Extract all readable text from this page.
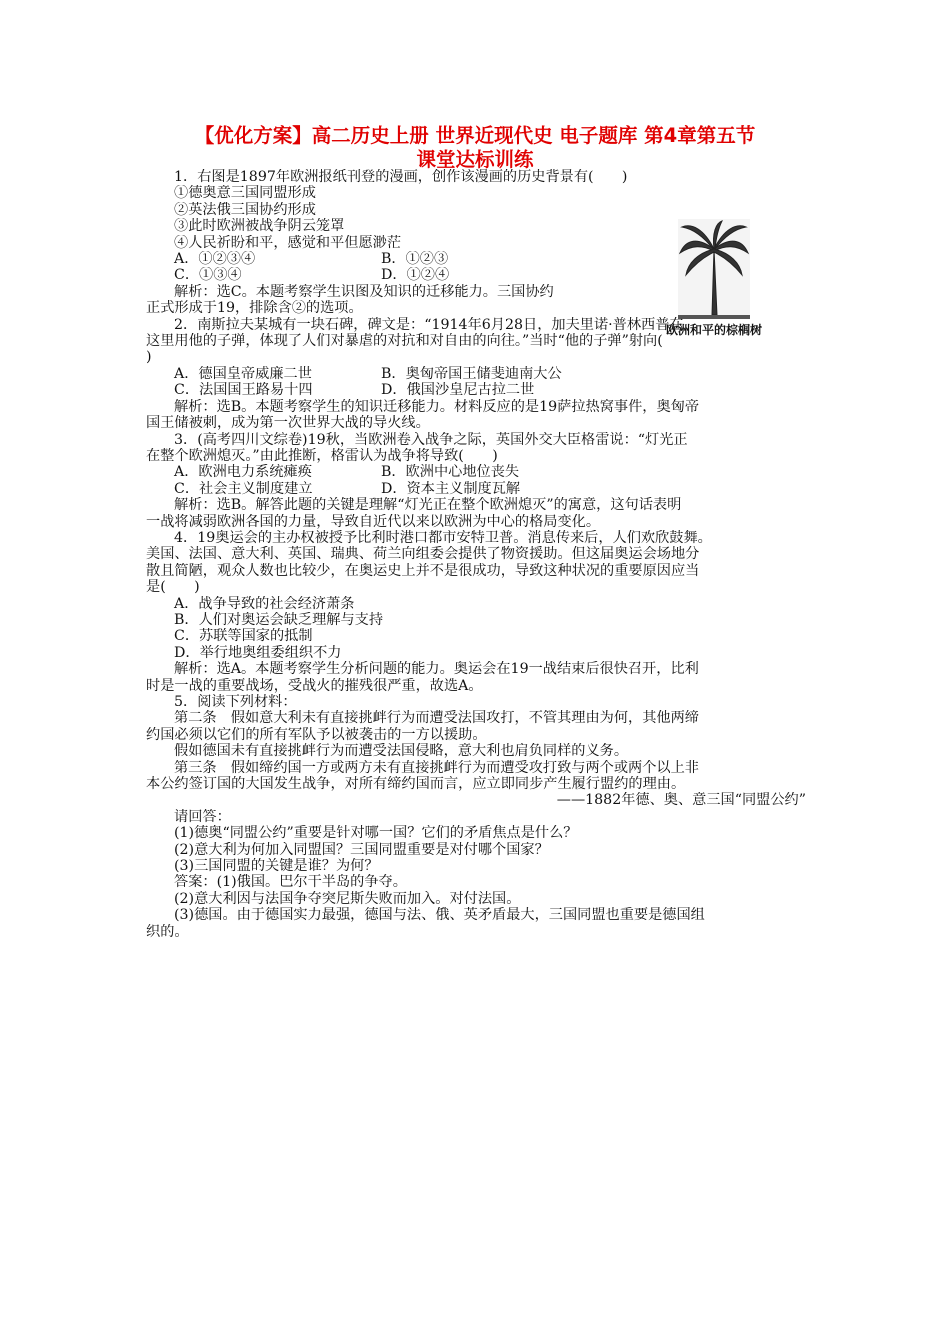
【优化方案】高二历史上册 世界近现代史 电子题库 第4章第五节
课堂达标训练
欧洲和平的棕榈树
1．右图是1897年欧洲报纸刊登的漫画，创作该漫画的历史背景有(　　)
①德奥意三国同盟形成
②英法俄三国协约形成
③此时欧洲被战争阴云笼罩
④人民祈盼和平，感觉和平但愿渺茫
A．①②③④	B．①②③
C．①③④	D．①②④
解析：选C。本题考察学生识图及知识的迁移能力。三国协约
正式形成于19，排除含②的选项。
2．南斯拉夫某城有一块石碑，碑文是：“1914年6月28日，加夫里诺·普林西普在
这里用他的子弹，体现了人们对暴虐的对抗和对自由的向往。”当时“他的子弹”射向(
)
A．德国皇帝威廉二世	B．奥匈帝国王储斐迪南大公
C．法国国王路易十四	D．俄国沙皇尼古拉二世
解析：选B。本题考察学生的知识迁移能力。材料反应的是19萨拉热窝事件，奥匈帝
国王储被刺，成为第一次世界大战的导火线。
3．(高考四川文综卷)19秋，当欧洲卷入战争之际，英国外交大臣格雷说：“灯光正
在整个欧洲熄灭。”由此推断，格雷认为战争将导致(　　)
A．欧洲电力系统瘫痪	B．欧洲中心地位丧失
C．社会主义制度建立	D．资本主义制度瓦解
解析：选B。解答此题的关键是理解“灯光正在整个欧洲熄灭”的寓意，这句话表明
一战将减弱欧洲各国的力量，导致自近代以来以欧洲为中心的格局变化。
4．19奥运会的主办权被授予比利时港口都市安特卫普。消息传来后，人们欢欣鼓舞。
美国、法国、意大利、英国、瑞典、荷兰向组委会提供了物资援助。但这届奥运会场地分
散且简陋，观众人数也比较少，在奥运史上并不是很成功，导致这种状况的重要原因应当
是(　　)
A．战争导致的社会经济萧条
B．人们对奥运会缺乏理解与支持
C．苏联等国家的抵制
D．举行地奥组委组织不力
解析：选A。本题考察学生分析问题的能力。奥运会在19一战结束后很快召开，比利
时是一战的重要战场，受战火的摧残很严重，故选A。
5．阅读下列材料：
第二条　假如意大利未有直接挑衅行为而遭受法国攻打，不管其理由为何，其他两缔
约国必须以它们的所有军队予以被袭击的一方以援助。
假如德国未有直接挑衅行为而遭受法国侵略，意大利也肩负同样的义务。
第三条　假如缔约国一方或两方未有直接挑衅行为而遭受攻打致与两个或两个以上非
本公约签订国的大国发生战争，对所有缔约国而言，应立即同步产生履行盟约的理由。
——1882年德、奥、意三国“同盟公约”
请回答：
(1)德奥“同盟公约”重要是针对哪一国？它们的矛盾焦点是什么？
(2)意大利为何加入同盟国？三国同盟重要是对付哪个国家？
(3)三国同盟的关键是谁？为何？
答案：(1)俄国。巴尔干半岛的争夺。
(2)意大利因与法国争夺突尼斯失败而加入。对付法国。
(3)德国。由于德国实力最强，德国与法、俄、英矛盾最大，三国同盟也重要是德国组
织的。
